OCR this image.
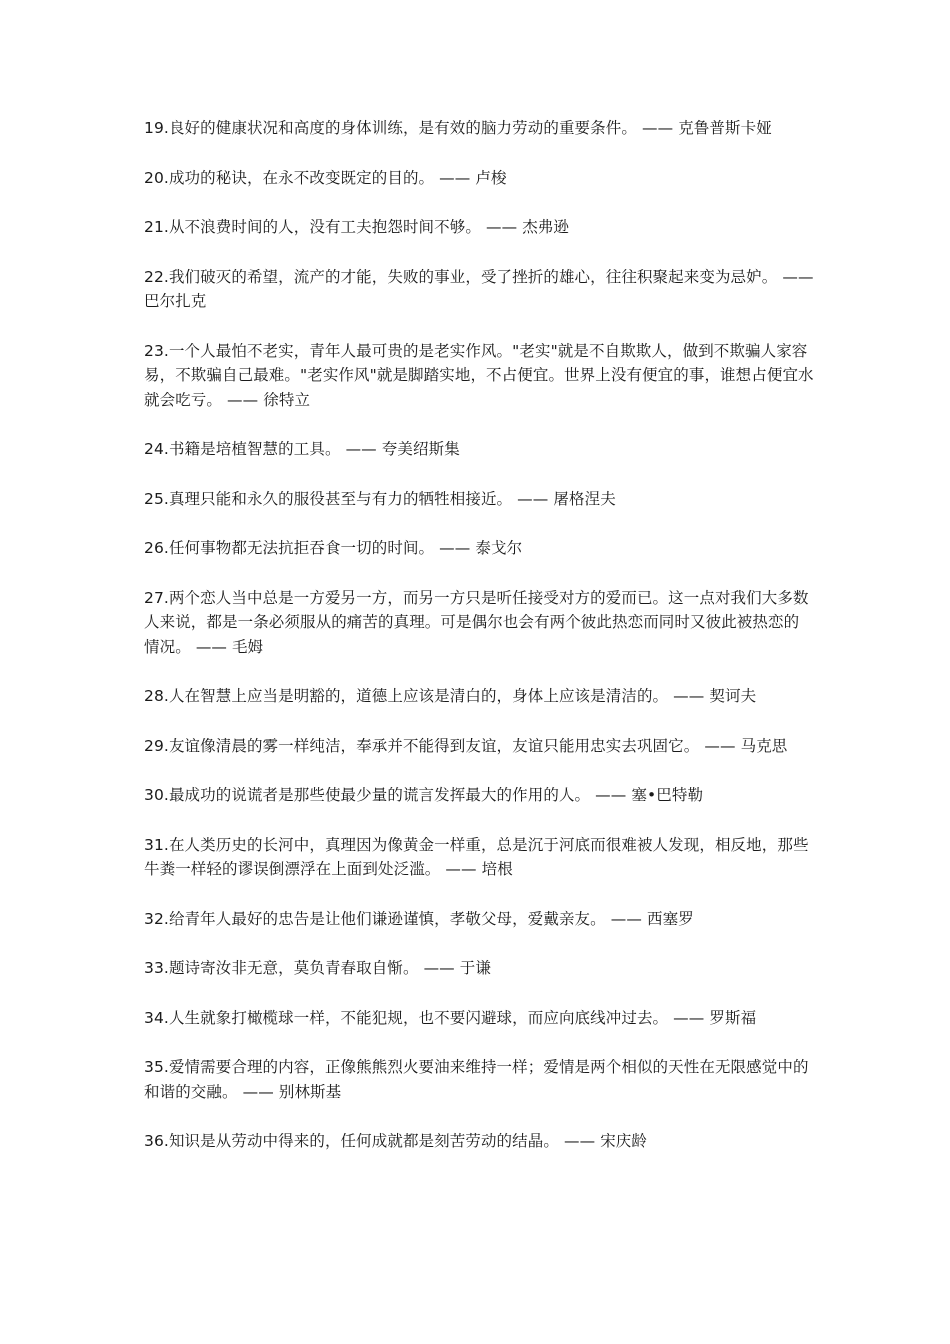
19.良好的健康状况和高度的身体训练，是有效的脑力劳动的重要条件。 —— 克鲁普斯卡娅
20.成功的秘诀，在永不改变既定的目的。 —— 卢梭
21.从不浪费时间的人，没有工夫抱怨时间不够。 —— 杰弗逊
22.我们破灭的希望，流产的才能，失败的事业，受了挫折的雄心，往往积聚起来变为忌妒。 —— 巴尔扎克
23.一个人最怕不老实，青年人最可贵的是老实作风。"老实"就是不自欺欺人，做到不欺骗人家容易，不欺骗自己最难。"老实作风"就是脚踏实地，不占便宜。世界上没有便宜的事，谁想占便宜水就会吃亏。 —— 徐特立
24.书籍是培植智慧的工具。 —— 夸美绍斯集
25.真理只能和永久的服役甚至与有力的牺牲相接近。 —— 屠格涅夫
26.任何事物都无法抗拒吞食一切的时间。 —— 泰戈尔
27.两个恋人当中总是一方爱另一方，而另一方只是听任接受对方的爱而已。这一点对我们大多数人来说，都是一条必须服从的痛苦的真理。可是偶尔也会有两个彼此热恋而同时又彼此被热恋的情况。 —— 毛姆
28.人在智慧上应当是明豁的，道德上应该是清白的，身体上应该是清洁的。 —— 契诃夫
29.友谊像清晨的雾一样纯洁，奉承并不能得到友谊，友谊只能用忠实去巩固它。 —— 马克思
30.最成功的说谎者是那些使最少量的谎言发挥最大的作用的人。 —— 塞•巴特勒
31.在人类历史的长河中，真理因为像黄金一样重，总是沉于河底而很难被人发现，相反地，那些牛粪一样轻的谬误倒漂浮在上面到处泛滥。 —— 培根
32.给青年人最好的忠告是让他们谦逊谨慎，孝敬父母，爱戴亲友。 —— 西塞罗
33.题诗寄汝非无意，莫负青春取自惭。 —— 于谦
34.人生就象打橄榄球一样，不能犯规，也不要闪避球，而应向底线冲过去。 —— 罗斯福
35.爱情需要合理的内容，正像熊熊烈火要油来维持一样；爱情是两个相似的天性在无限感觉中的和谐的交融。 —— 别林斯基
36.知识是从劳动中得来的，任何成就都是刻苦劳动的结晶。 —— 宋庆龄
